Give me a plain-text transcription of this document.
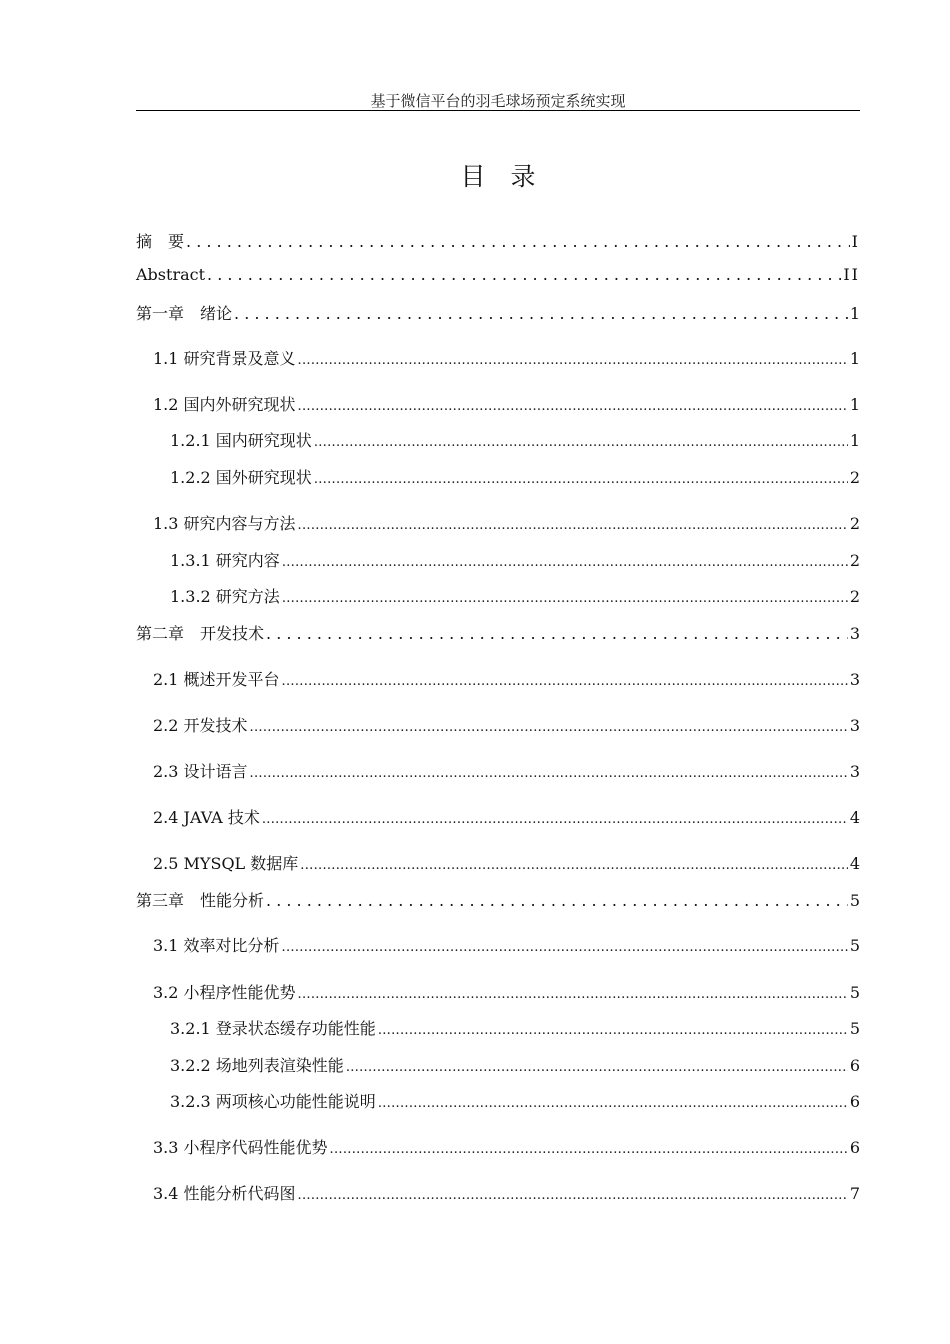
基于微信平台的羽毛球场预定系统实现
目　录
摘　要 . . .	I
Abstract . . .	II
第一章　绪论 . . .	1
1.1 研究背景及意义 .....	1
1.2 国内外研究现状 .....	1
1.2.1 国内研究现状 .....	1
1.2.2 国外研究现状 .....	2
1.3 研究内容与方法 .....	2
1.3.1 研究内容 .....	2
1.3.2 研究方法 .....	2
第二章　开发技术 . . .	3
2.1 概述开发平台 .....	3
2.2 开发技术 .....	3
2.3 设计语言 .....	3
2.4 JAVA 技术 .....	4
2.5 MYSQL 数据库 .....	4
第三章　性能分析 . . .	5
3.1 效率对比分析 .....	5
3.2 小程序性能优势 .....	5
3.2.1 登录状态缓存功能性能 .....	5
3.2.2 场地列表渲染性能 .....	6
3.2.3 两项核心功能性能说明 .....	6
3.3 小程序代码性能优势 .....	6
3.4 性能分析代码图 .....	7
